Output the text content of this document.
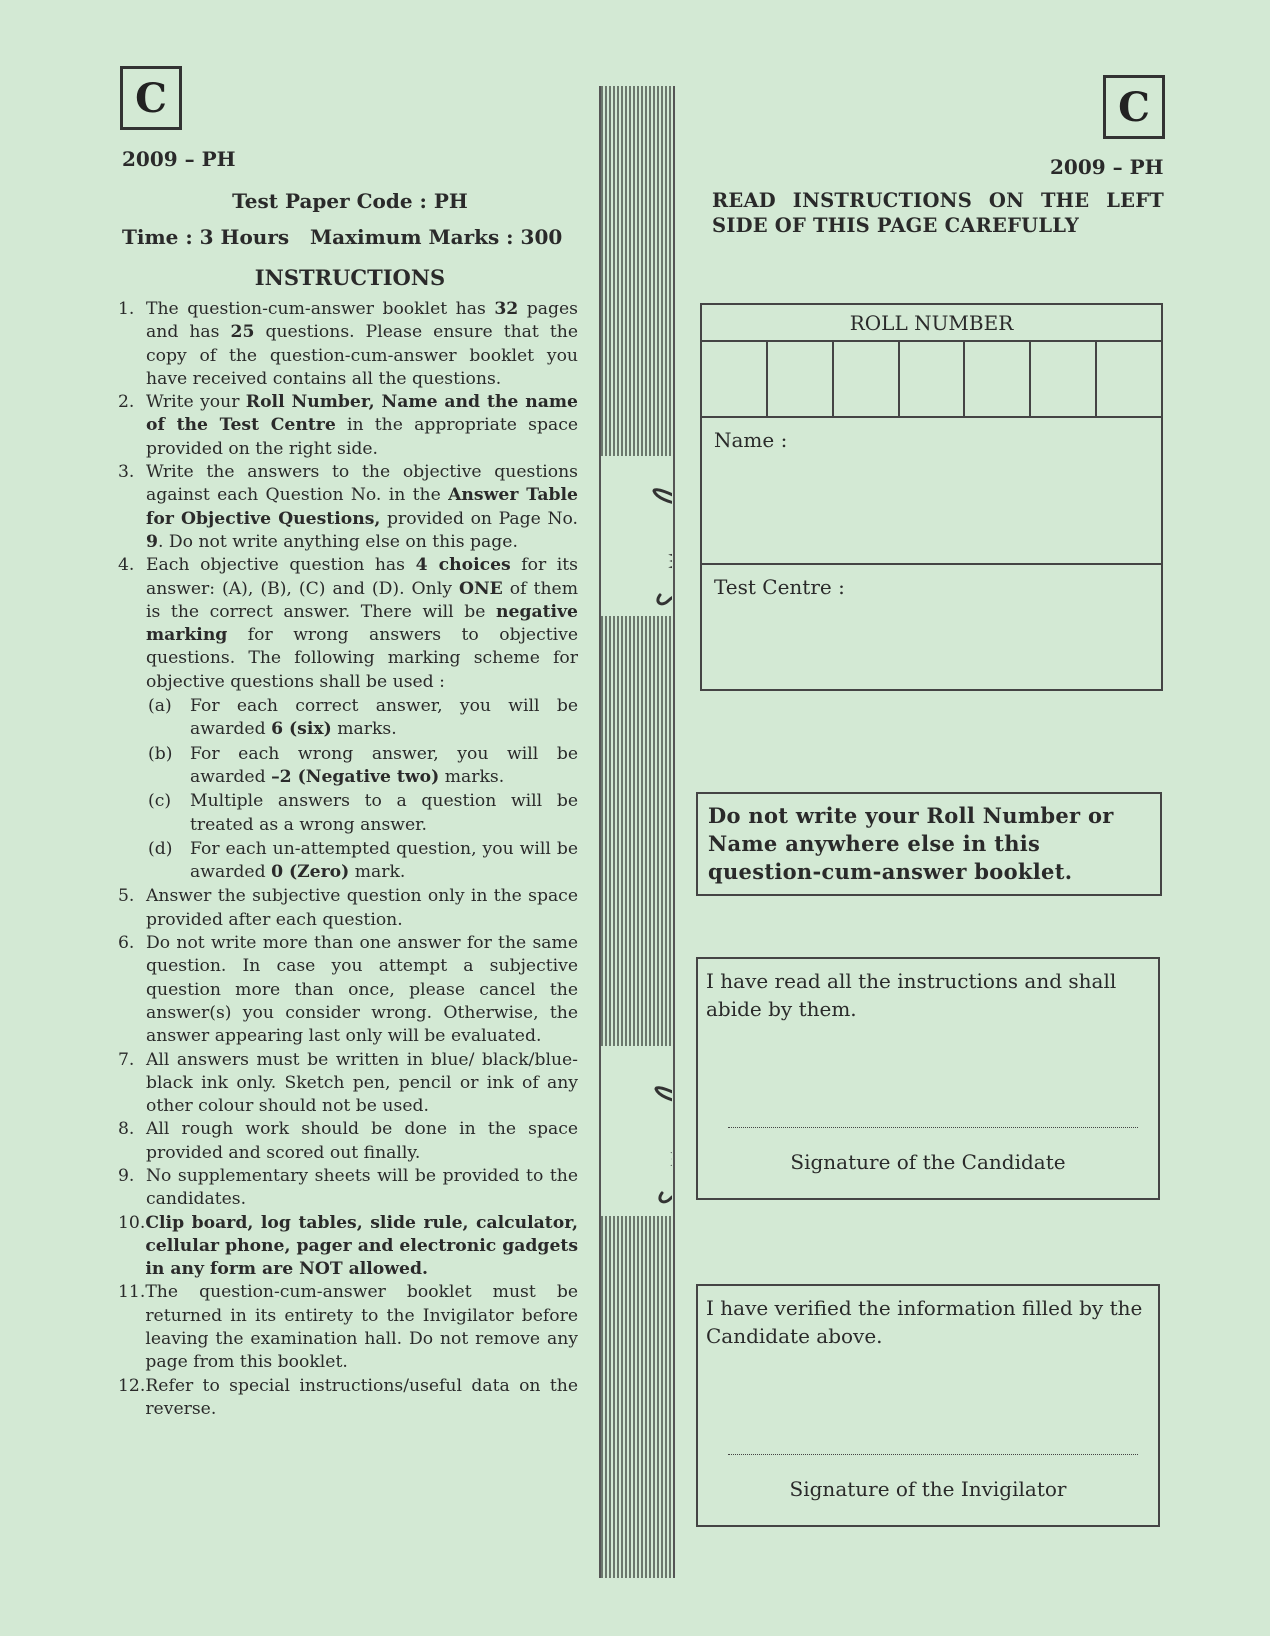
C
2009 – PH
Test Paper Code : PH
Time : 3 Hours   Maximum Marks : 300
INSTRUCTIONS
1. The question-cum-answer booklet has 32 pages and has 25 questions. Please ensure that the copy of the question-cum-answer booklet you have received contains all the questions.
2. Write your Roll Number, Name and the name of the Test Centre in the appropriate space provided on the right side.
3. Write the answers to the objective questions against each Question No. in the Answer Table for Objective Questions, provided on Page No. 9. Do not write anything else on this page.
4. Each objective question has 4 choices for its answer: (A), (B), (C) and (D). Only ONE of them is the correct answer. There will be negative marking for wrong answers to objective questions. The following marking scheme for objective questions shall be used :
(a)	For each correct answer, you will be awarded 6 (six) marks.
(b)	For each wrong answer, you will be awarded –2 (Negative two) marks.
(c)	Multiple answers to a question will be treated as a wrong answer.
(d)	For each un-attempted question, you will be awarded 0 (Zero) mark.
5. Answer the subjective question only in the space provided after each question.
6. Do not write more than one answer for the same question. In case you attempt a subjective question more than once, please cancel the answer(s) you consider wrong. Otherwise, the answer appearing last only will be evaluated.
7. All answers must be written in blue/ black/blue-black ink only. Sketch pen, pencil or ink of any other colour should not be used.
8. All rough work should be done in the space provided and scored out finally.
9. No supplementary sheets will be provided to the candidates.
10. Clip board, log tables, slide rule, calculator, cellular phone, pager and electronic gadgets in any form are NOT allowed.
11. The question-cum-answer booklet must be returned in its entirety to the Invigilator before leaving the examination hall. Do not remove any page from this booklet.
12. Refer to special instructions/useful data on the reverse.
C
2009 – PH
READ INSTRUCTIONS ON THE LEFT SIDE OF THIS PAGE CAREFULLY
ROLL NUMBER
Name :
Test Centre :
Do not write your Roll Number or Name anywhere else in this question-cum-answer booklet.
I have read all the instructions and shall abide by them.
Signature of the Candidate
I have verified the information filled by the Candidate above.
Signature of the Invigilator
